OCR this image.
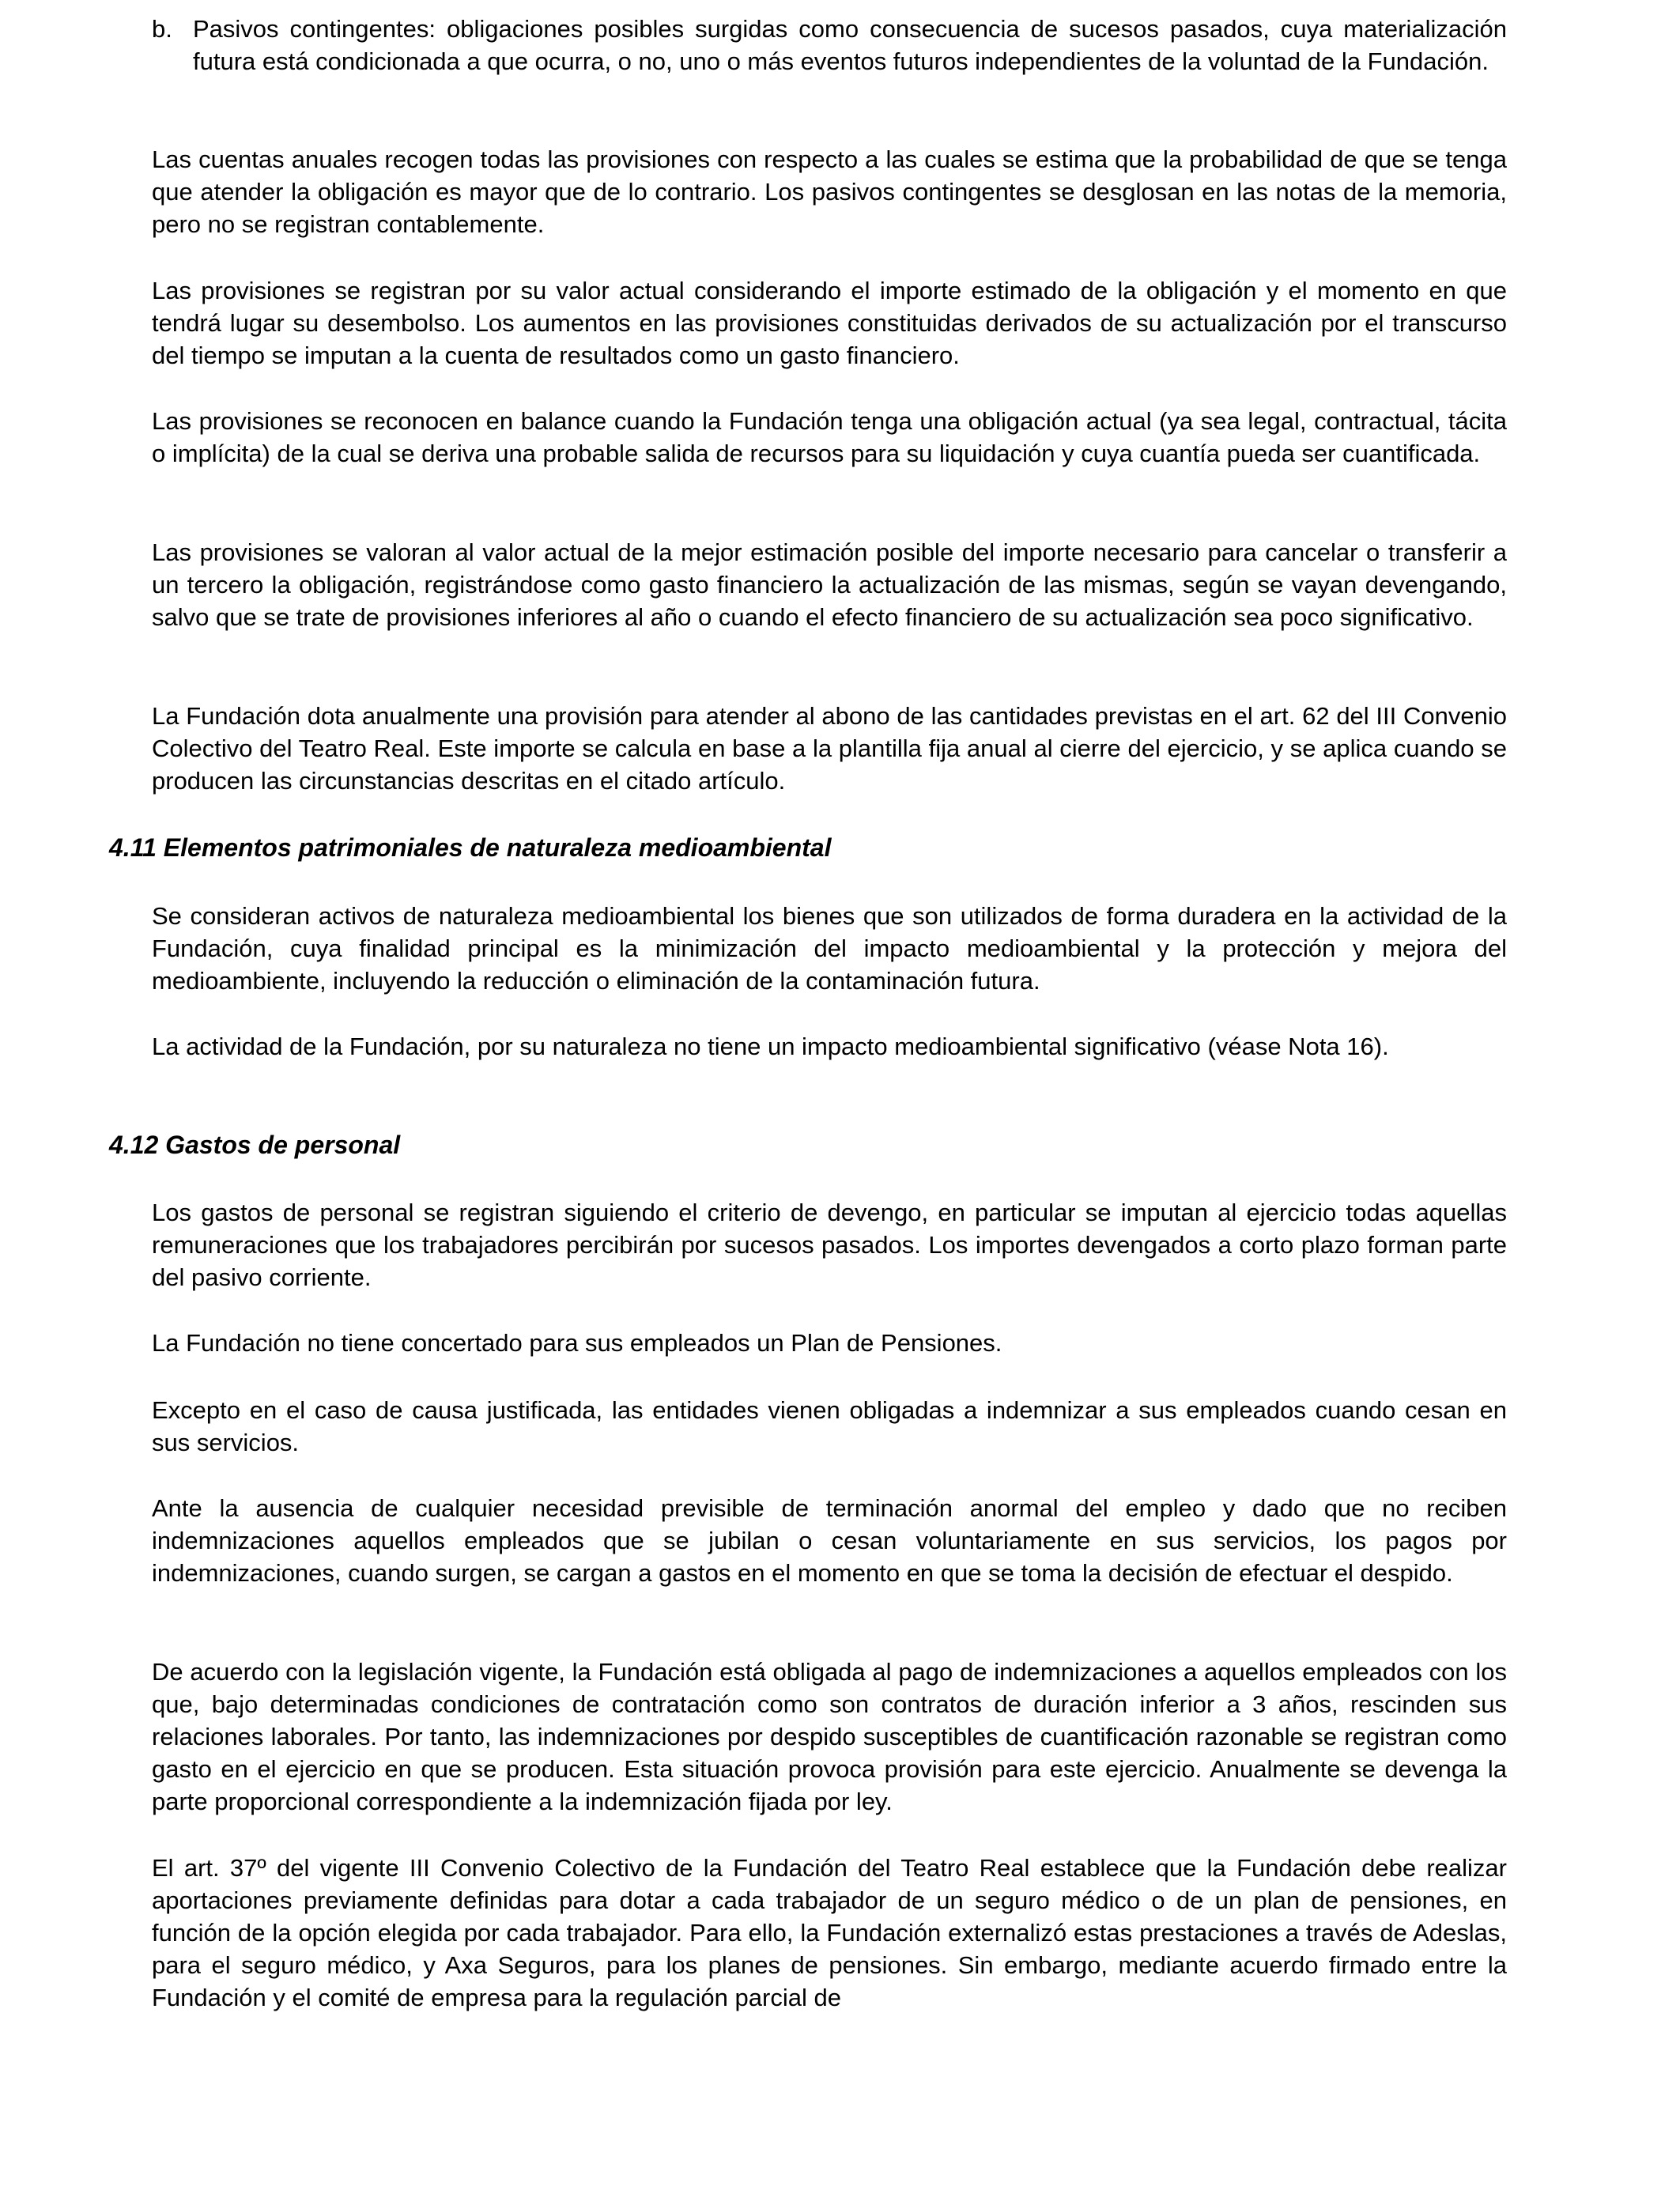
b. Pasivos contingentes: obligaciones posibles surgidas como consecuencia de sucesos pasados, cuya materialización futura está condicionada a que ocurra, o no, uno o más eventos futuros independientes de la voluntad de la Fundación.

Las cuentas anuales recogen todas las provisiones con respecto a las cuales se estima que la probabilidad de que se tenga que atender la obligación es mayor que de lo contrario. Los pasivos contingentes se desglosan en las notas de la memoria, pero no se registran contablemente.

Las provisiones se registran por su valor actual considerando el importe estimado de la obligación y el momento en que tendrá lugar su desembolso. Los aumentos en las provisiones constituidas derivados de su actualización por el transcurso del tiempo se imputan a la cuenta de resultados como un gasto financiero.

Las provisiones se reconocen en balance cuando la Fundación tenga una obligación actual (ya sea legal, contractual, tácita o implícita) de la cual se deriva una probable salida de recursos para su liquidación y cuya cuantía pueda ser cuantificada.

Las provisiones se valoran al valor actual de la mejor estimación posible del importe necesario para cancelar o transferir a un tercero la obligación, registrándose como gasto financiero la actualización de las mismas, según se vayan devengando, salvo que se trate de provisiones inferiores al año o cuando el efecto financiero de su actualización sea poco significativo.

La Fundación dota anualmente una provisión para atender al abono de las cantidades previstas en el art. 62 del III Convenio Colectivo del Teatro Real. Este importe se calcula en base a la plantilla fija anual al cierre del ejercicio, y se aplica cuando se producen las circunstancias descritas en el citado artículo.

4.11 Elementos patrimoniales de naturaleza medioambiental

Se consideran activos de naturaleza medioambiental los bienes que son utilizados de forma duradera en la actividad de la Fundación, cuya finalidad principal es la minimización del impacto medioambiental y la protección y mejora del medioambiente, incluyendo la reducción o eliminación de la contaminación futura.

La actividad de la Fundación, por su naturaleza no tiene un impacto medioambiental significativo (véase Nota 16).

4.12 Gastos de personal

Los gastos de personal se registran siguiendo el criterio de devengo, en particular se imputan al ejercicio todas aquellas remuneraciones que los trabajadores percibirán por sucesos pasados. Los importes devengados a corto plazo forman parte del pasivo corriente.

La Fundación no tiene concertado para sus empleados un Plan de Pensiones.

Excepto en el caso de causa justificada, las entidades vienen obligadas a indemnizar a sus empleados cuando cesan en sus servicios.

Ante la ausencia de cualquier necesidad previsible de terminación anormal del empleo y dado que no reciben indemnizaciones aquellos empleados que se jubilan o cesan voluntariamente en sus servicios, los pagos por indemnizaciones, cuando surgen, se cargan a gastos en el momento en que se toma la decisión de efectuar el despido.

De acuerdo con la legislación vigente, la Fundación está obligada al pago de indemnizaciones a aquellos empleados con los que, bajo determinadas condiciones de contratación como son contratos de duración inferior a 3 años, rescinden sus relaciones laborales. Por tanto, las indemnizaciones por despido susceptibles de cuantificación razonable se registran como gasto en el ejercicio en que se producen. Esta situación provoca provisión para este ejercicio. Anualmente se devenga la parte proporcional correspondiente a la indemnización fijada por ley.

El art. 37º del vigente III Convenio Colectivo de la Fundación del Teatro Real establece que la Fundación debe realizar aportaciones previamente definidas para dotar a cada trabajador de un seguro médico o de un plan de pensiones, en función de la opción elegida por cada trabajador. Para ello, la Fundación externalizó estas prestaciones a través de Adeslas, para el seguro médico, y Axa Seguros, para los planes de pensiones. Sin embargo, mediante acuerdo firmado entre la Fundación y el comité de empresa para la regulación parcial de
